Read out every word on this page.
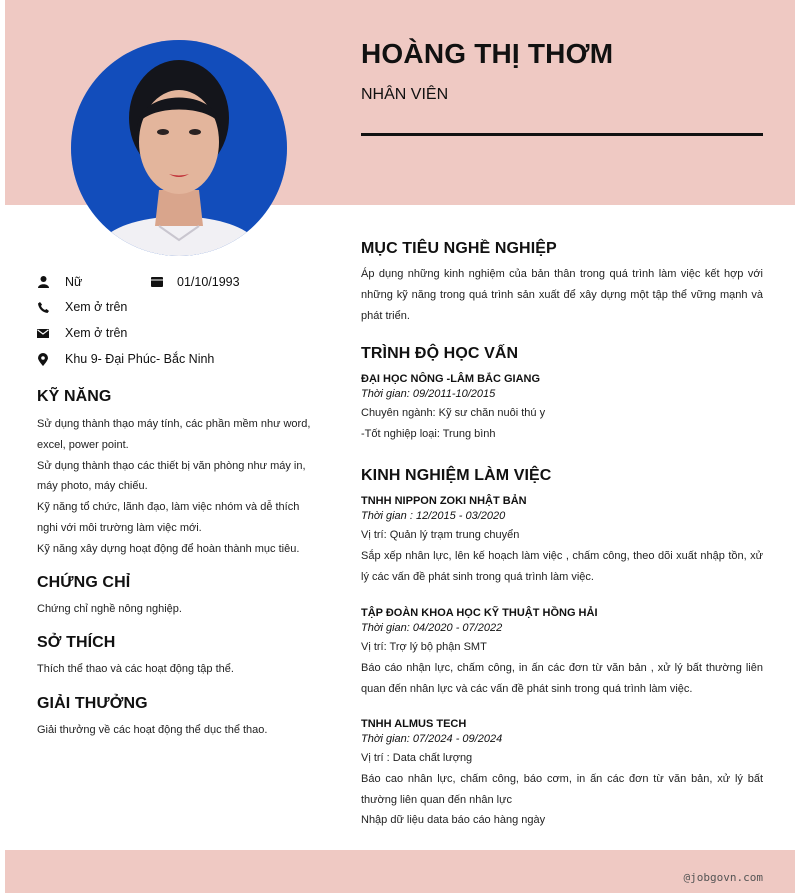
HOÀNG THỊ THƠM
NHÂN VIÊN
Nữ	01/10/1993
Xem ở trên
Xem ở trên
Khu 9- Đại Phúc- Bắc Ninh
KỸ NĂNG
Sử dụng thành thạo máy tính, các phần mềm như word, excel, power point.
Sử dụng thành thạo các thiết bị văn phòng như máy in, máy photo, máy chiếu.
Kỹ năng tổ chức, lãnh đạo, làm việc nhóm và dễ thích nghi với môi trường làm việc mới.
Kỹ năng xây dựng hoạt động để hoàn thành mục tiêu.
CHỨNG CHỈ
Chứng chỉ nghề nông nghiệp.
SỞ THÍCH
Thích thể thao và các hoạt động tập thể.
GIẢI THƯỞNG
Giải thưởng về các hoạt động thể dục thể thao.
MỤC TIÊU NGHỀ NGHIỆP
Áp dụng những kinh nghiệm của bản thân trong quá trình làm việc kết hợp với những kỹ năng trong quá trình sản xuất để xây dựng một tập thể vững mạnh và phát triển.
TRÌNH ĐỘ HỌC VẤN
ĐẠI HỌC NÔNG -LÂM BẮC GIANG
Thời gian: 09/2011-10/2015
Chuyên ngành: Kỹ sư chăn nuôi thú y
-Tốt nghiệp loại: Trung bình
KINH NGHIỆM LÀM VIỆC
TNHH NIPPON ZOKI NHẬT BẢN
Thời gian : 12/2015 - 03/2020
Vị trí: Quản lý trạm trung chuyển
Sắp xếp nhân lực, lên kế hoạch làm việc , chấm công, theo dõi xuất nhập tồn, xử lý các vấn đề phát sinh trong quá trình làm việc.
TẬP ĐOÀN KHOA HỌC KỸ THUẬT HỒNG HẢI
Thời gian: 04/2020 - 07/2022
Vị trí: Trợ lý bộ phận SMT
Báo cáo nhận lực, chấm công, in ấn các đơn từ văn bản , xử lý bất thường liên quan đến nhân lực và các vấn đề phát sinh trong quá trình làm việc.
TNHH ALMUS TECH
Thời gian: 07/2024 - 09/2024
Vị trí : Data chất lượng
Báo cao nhân lực, chấm công, báo cơm, in ấn các đơn từ văn bản, xử lý bất thường liên quan đến nhân lực
Nhập dữ liệu data báo cáo hàng ngày
@jobgovn.com
